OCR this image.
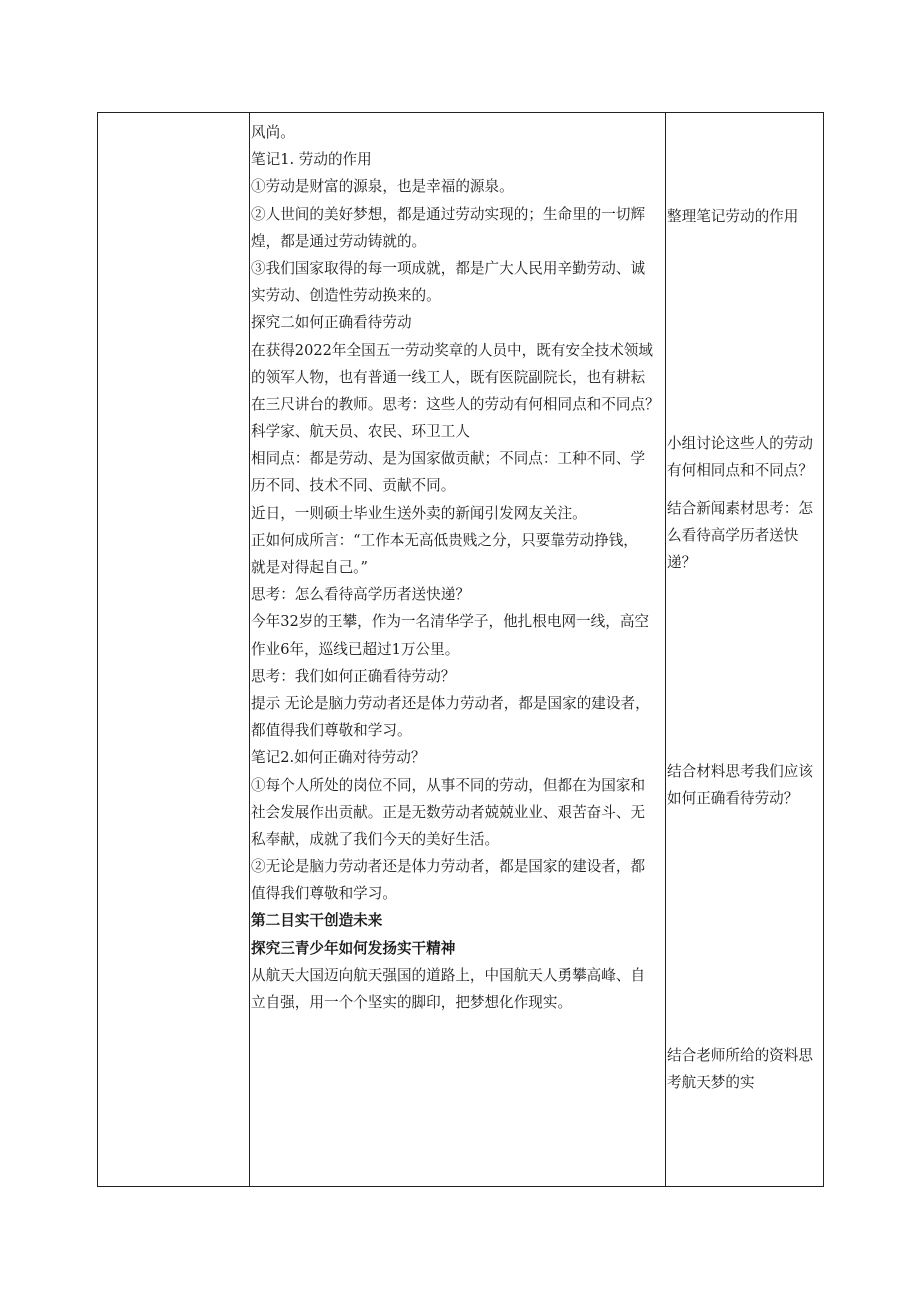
风尚。
笔记1. 劳动的作用
①劳动是财富的源泉，也是幸福的源泉。
②人世间的美好梦想，都是通过劳动实现的；生命里的一切辉
煌，都是通过劳动铸就的。
③我们国家取得的每一项成就，都是广大人民用辛勤劳动、诚
实劳动、创造性劳动换来的。
探究二如何正确看待劳动
在获得2022年全国五一劳动奖章的人员中，既有安全技术领域
的领军人物，也有普通一线工人，既有医院副院长，也有耕耘
在三尺讲台的教师。思考：这些人的劳动有何相同点和不同点？
科学家、航天员、农民、环卫工人
相同点：都是劳动、是为国家做贡献；不同点：工种不同、学
历不同、技术不同、贡献不同。
近日，一则硕士毕业生送外卖的新闻引发网友关注。
正如何成所言：“工作本无高低贵贱之分，只要靠劳动挣钱，
就是对得起自己。”
思考：怎么看待高学历者送快递？
今年32岁的王攀，作为一名清华学子，他扎根电网一线，高空
作业6年，巡线已超过1万公里。
思考：我们如何正确看待劳动？
提示 无论是脑力劳动者还是体力劳动者，都是国家的建设者，
都值得我们尊敬和学习。
笔记2.如何正确对待劳动？
①每个人所处的岗位不同，从事不同的劳动，但都在为国家和
社会发展作出贡献。正是无数劳动者兢兢业业、艰苦奋斗、无
私奉献，成就了我们今天的美好生活。
②无论是脑力劳动者还是体力劳动者，都是国家的建设者，都
值得我们尊敬和学习。
第二目实干创造未来
探究三青少年如何发扬实干精神
从航天大国迈向航天强国的道路上，中国航天人勇攀高峰、自
立自强，用一个个坚实的脚印，把梦想化作现实。
整理笔记劳动的作用
小组讨论这些人的劳动
有何相同点和不同点？
结合新闻素材思考：怎
么看待高学历者送快
递？
结合材料思考我们应该
如何正确看待劳动？
结合老师所给的资料思
考航天梦的实
